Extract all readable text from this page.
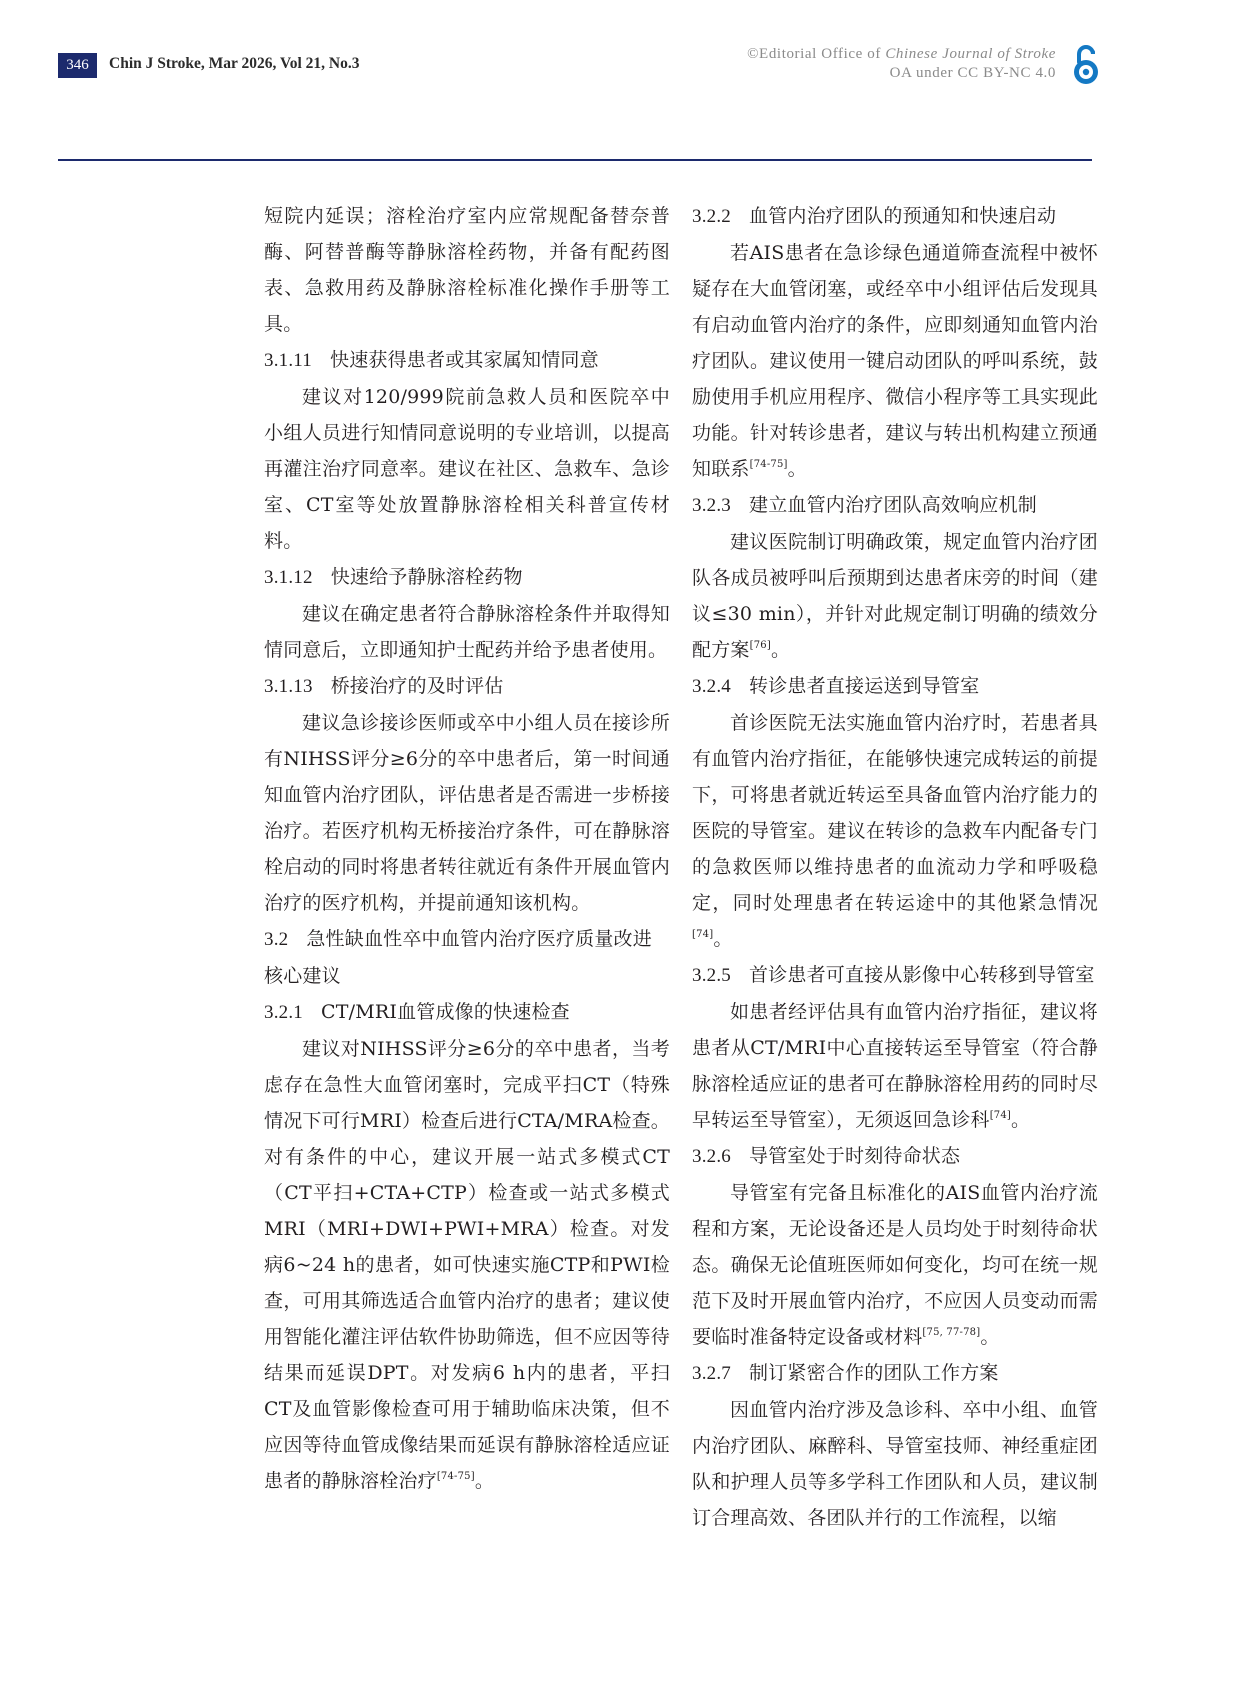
346	Chin J Stroke, Mar 2026, Vol 21, No.3
©Editorial Office of Chinese Journal of Stroke
OA under CC BY-NC 4.0

短院内延误；溶栓治疗室内应常规配备替奈普酶、阿替普酶等静脉溶栓药物，并备有配药图表、急救用药及静脉溶栓标准化操作手册等工具。

3.1.11 快速获得患者或其家属知情同意

建议对120/999院前急救人员和医院卒中小组人员进行知情同意说明的专业培训，以提高再灌注治疗同意率。建议在社区、急救车、急诊室、CT室等处放置静脉溶栓相关科普宣传材料。

3.1.12 快速给予静脉溶栓药物

建议在确定患者符合静脉溶栓条件并取得知情同意后，立即通知护士配药并给予患者使用。

3.1.13 桥接治疗的及时评估

建议急诊接诊医师或卒中小组人员在接诊所有NIHSS评分≥6分的卒中患者后，第一时间通知血管内治疗团队，评估患者是否需进一步桥接治疗。若医疗机构无桥接治疗条件，可在静脉溶栓启动的同时将患者转往就近有条件开展血管内治疗的医疗机构，并提前通知该机构。

3.2 急性缺血性卒中血管内治疗医疗质量改进核心建议
3.2.1 CT/MRI血管成像的快速检查

建议对NIHSS评分≥6分的卒中患者，当考虑存在急性大血管闭塞时，完成平扫CT（特殊情况下可行MRI）检查后进行CTA/MRA检查。对有条件的中心，建议开展一站式多模式CT（CT平扫+CTA+CTP）检查或一站式多模式MRI（MRI+DWI+PWI+MRA）检查。对发病6~24 h的患者，如可快速实施CTP和PWI检查，可用其筛选适合血管内治疗的患者；建议使用智能化灌注评估软件协助筛选，但不应因等待结果而延误DPT。对发病6 h内的患者，平扫CT及血管影像检查可用于辅助临床决策，但不应因等待血管成像结果而延误有静脉溶栓适应证患者的静脉溶栓治疗[74-75]。

3.2.2 血管内治疗团队的预通知和快速启动

若AIS患者在急诊绿色通道筛查流程中被怀疑存在大血管闭塞，或经卒中小组评估后发现具有启动血管内治疗的条件，应即刻通知血管内治疗团队。建议使用一键启动团队的呼叫系统，鼓励使用手机应用程序、微信小程序等工具实现此功能。针对转诊患者，建议与转出机构建立预通知联系[74-75]。

3.2.3 建立血管内治疗团队高效响应机制

建议医院制订明确政策，规定血管内治疗团队各成员被呼叫后预期到达患者床旁的时间（建议≤30 min），并针对此规定制订明确的绩效分配方案[76]。

3.2.4 转诊患者直接运送到导管室

首诊医院无法实施血管内治疗时，若患者具有血管内治疗指征，在能够快速完成转运的前提下，可将患者就近转运至具备血管内治疗能力的医院的导管室。建议在转诊的急救车内配备专门的急救医师以维持患者的血流动力学和呼吸稳定，同时处理患者在转运途中的其他紧急情况[74]。

3.2.5 首诊患者可直接从影像中心转移到导管室

如患者经评估具有血管内治疗指征，建议将患者从CT/MRI中心直接转运至导管室（符合静脉溶栓适应证的患者可在静脉溶栓用药的同时尽早转运至导管室），无须返回急诊科[74]。

3.2.6 导管室处于时刻待命状态

导管室有完备且标准化的AIS血管内治疗流程和方案，无论设备还是人员均处于时刻待命状态。确保无论值班医师如何变化，均可在统一规范下及时开展血管内治疗，不应因人员变动而需要临时准备特定设备或材料[75, 77-78]。

3.2.7 制订紧密合作的团队工作方案

因血管内治疗涉及急诊科、卒中小组、血管内治疗团队、麻醉科、导管室技师、神经重症团队和护理人员等多学科工作团队和人员，建议制订合理高效、各团队并行的工作流程，以缩
